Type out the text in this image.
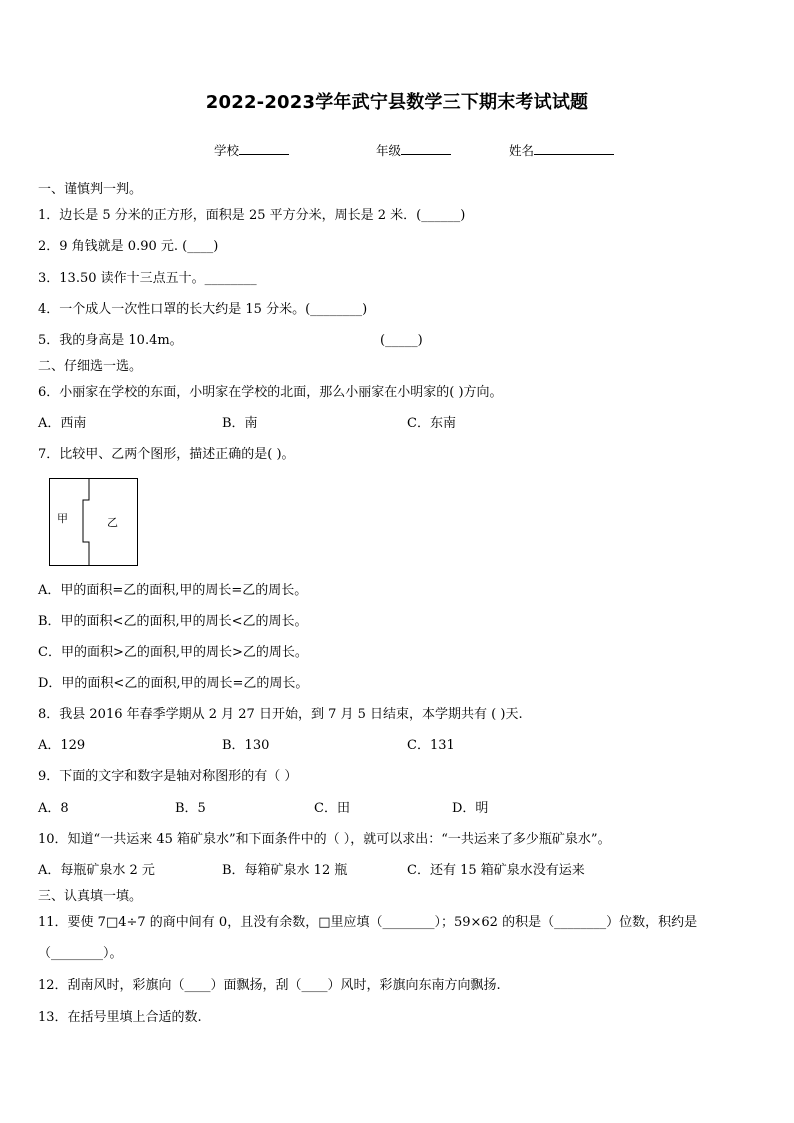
2022-2023学年武宁县数学三下期末考试试题
学校	年级	姓名
一、谨慎判一判。
1．边长是 5 分米的正方形，面积是 25 平方分米，周长是 2 米．(______)
2．9 角钱就是 0.90 元. (____)
3．13.50 读作十三点五十。________
4．一个成人一次性口罩的长大约是 15 分米。(________)
5．我的身高是 10.4m。	(_____)
二、仔细选一选。
6．小丽家在学校的东面，小明家在学校的北面，那么小丽家在小明家的( )方向。
A．西南	B．南	C．东南
7．比较甲、乙两个图形，描述正确的是( )。
甲	乙
A．甲的面积=乙的面积,甲的周长=乙的周长。
B．甲的面积<乙的面积,甲的周长<乙的周长。
C．甲的面积>乙的面积,甲的周长>乙的周长。
D．甲的面积<乙的面积,甲的周长=乙的周长。
8．我县 2016 年春季学期从 2 月 27 日开始，到 7 月 5 日结束，本学期共有 ( )天.
A．129	B．130	C．131
9．下面的文字和数字是轴对称图形的有（ ）
A．8	B．5	C．田	D．明
10．知道“一共运来 45 箱矿泉水”和下面条件中的（ ），就可以求出：“一共运来了多少瓶矿泉水”。
A．每瓶矿泉水 2 元	B．每箱矿泉水 12 瓶	C．还有 15 箱矿泉水没有运来
三、认真填一填。
11．要使 7□4÷7 的商中间有 0，且没有余数，□里应填（________）；59×62 的积是（________）位数，积约是
（________）。
12．刮南风时，彩旗向（____）面飘扬，刮（____）风时，彩旗向东南方向飘扬.
13．在括号里填上合适的数.
